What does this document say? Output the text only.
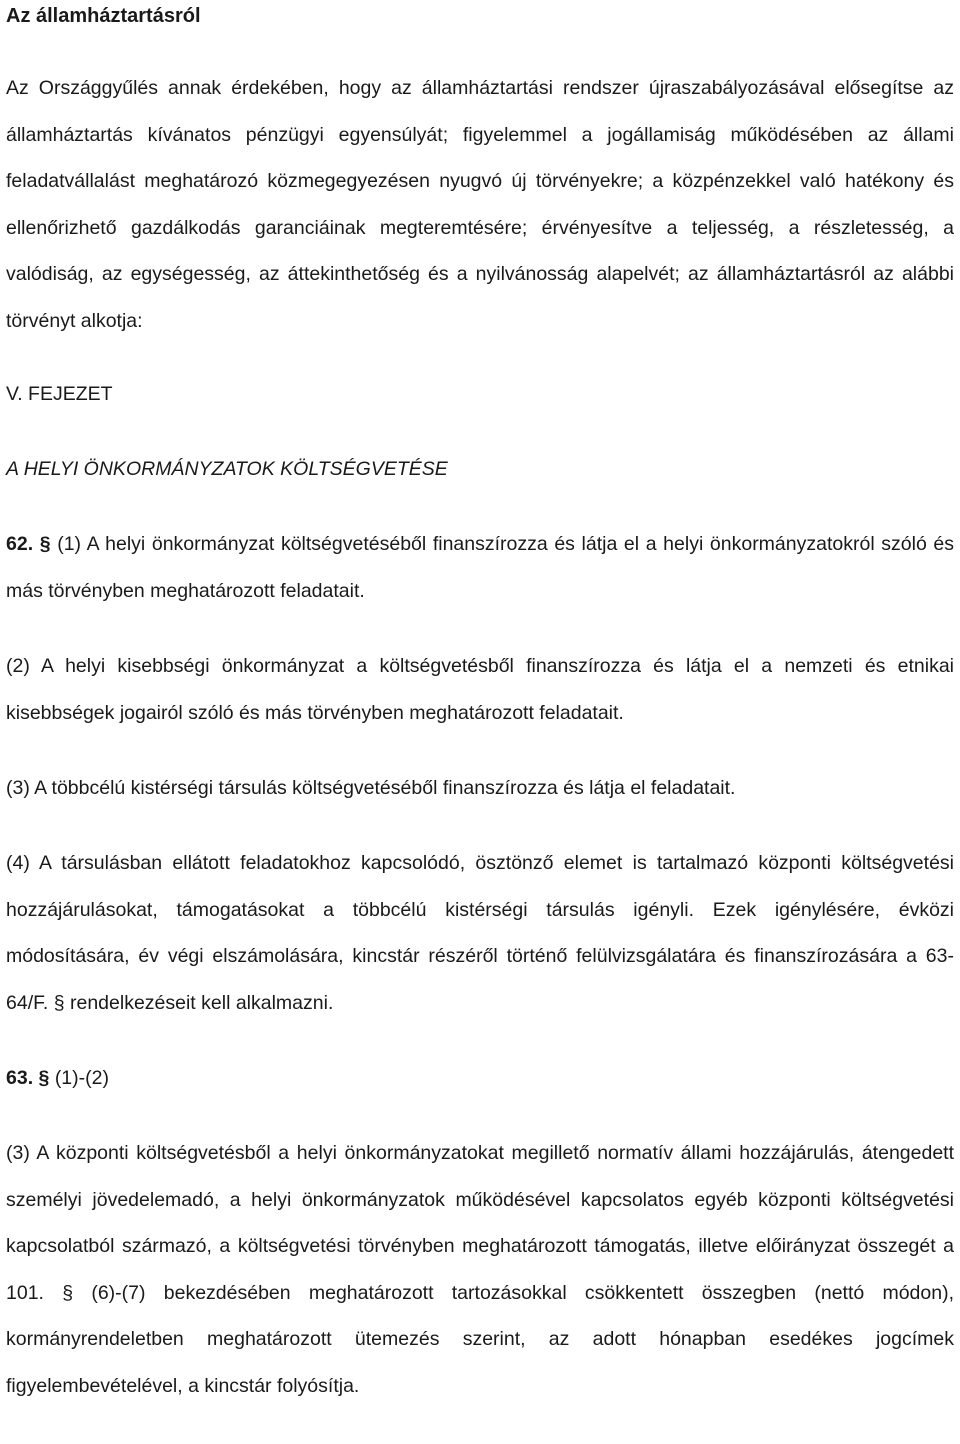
Az államháztartásról

Az Országgyűlés annak érdekében, hogy az államháztartási rendszer újraszabályozásával elősegítse az államháztartás kívánatos pénzügyi egyensúlyát; figyelemmel a jogállamiság működésében az állami feladatvállalást meghatározó közmegegyezésen nyugvó új törvényekre; a közpénzekkel való hatékony és ellenőrizhető gazdálkodás garanciáinak megteremtésére; érvényesítve a teljesség, a részletesség, a valódiság, az egységesség, az áttekinthetőség és a nyilvánosság alapelvét; az államháztartásról az alábbi törvényt alkotja:

V. FEJEZET

A HELYI ÖNKORMÁNYZATOK KÖLTSÉGVETÉSE

62. § (1) A helyi önkormányzat költségvetéséből finanszírozza és látja el a helyi önkormányzatokról szóló és más törvényben meghatározott feladatait.

(2) A helyi kisebbségi önkormányzat a költségvetésből finanszírozza és látja el a nemzeti és etnikai kisebbségek jogairól szóló és más törvényben meghatározott feladatait.

(3) A többcélú kistérségi társulás költségvetéséből finanszírozza és látja el feladatait.

(4) A társulásban ellátott feladatokhoz kapcsolódó, ösztönző elemet is tartalmazó központi költségvetési hozzájárulásokat, támogatásokat a többcélú kistérségi társulás igényli. Ezek igénylésére, évközi módosítására, év végi elszámolására, kincstár részéről történő felülvizsgálatára és finanszírozására a 63-64/F. § rendelkezéseit kell alkalmazni.

63. § (1)-(2)

(3) A központi költségvetésből a helyi önkormányzatokat megillető normatív állami hozzájárulás, átengedett személyi jövedelemadó, a helyi önkormányzatok működésével kapcsolatos egyéb központi költségvetési kapcsolatból származó, a költségvetési törvényben meghatározott támogatás, illetve előirányzat összegét a 101. § (6)-(7) bekezdésében meghatározott tartozásokkal csökkentett összegben (nettó módon), kormányrendeletben meghatározott ütemezés szerint, az adott hónapban esedékes jogcímek figyelembevételével, a kincstár folyósítja.
